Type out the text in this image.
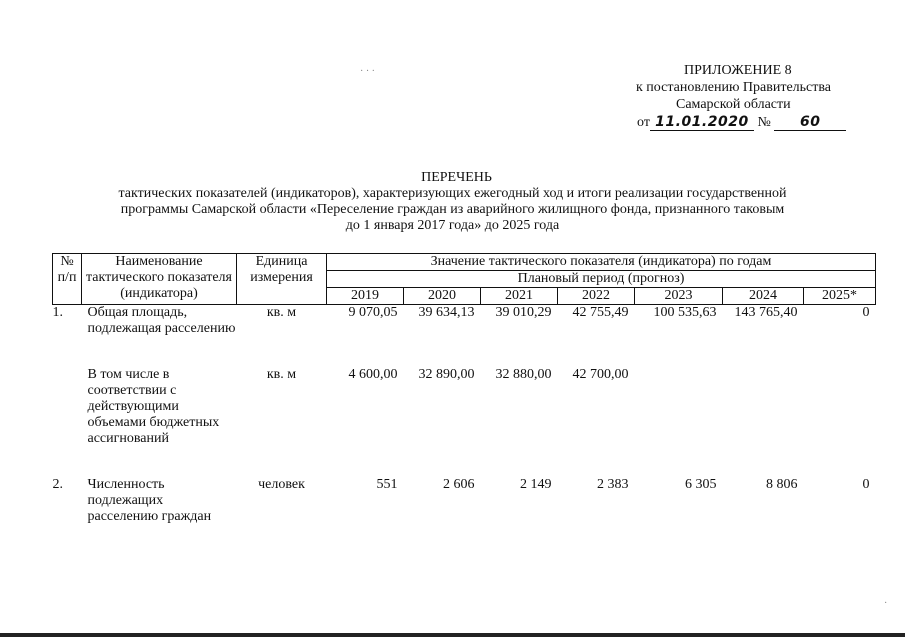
ПРИЛОЖЕНИЕ 8
к постановлению Правительства
Самарской области
от 11.01.2020 № 60
ПЕРЕЧЕНЬ
тактических показателей (индикаторов), характеризующих ежегодный ход и итоги реализации государственной
программы Самарской области «Переселение граждан из аварийного жилищного фонда, признанного таковым
до 1 января 2017 года» до 2025 года
№ п/п	Наименование тактического показателя (индикатора)	Единица измерения	Значение тактического показателя (индикатора) по годам						
			Плановый период (прогноз)						
			2019	2020	2021	2022	2023	2024	2025*
1.	Общая площадь, подлежащая расселению	кв. м	9 070,05	39 634,13	39 010,29	42 755,49	100 535,63	143 765,40	0

	В том числе в соответствии с действующими объемами бюджетных ассигнований	кв. м	4 600,00	32 890,00	32 880,00	42 700,00			

2.	Численность подлежащих расселению граждан	человек	551	2 606	2 149	2 383	6 305	8 806	0
· · ·
·
